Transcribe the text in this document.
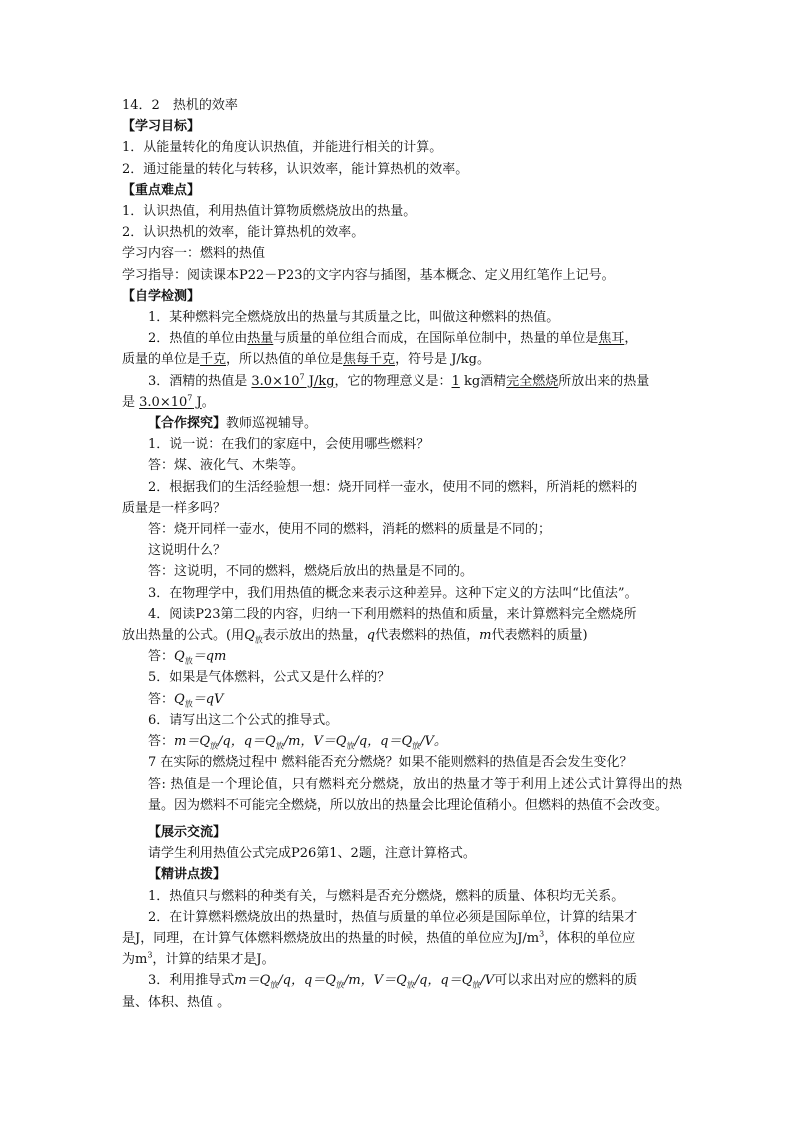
14．2　热机的效率
【学习目标】
1．从能量转化的角度认识热值，并能进行相关的计算。
2．通过能量的转化与转移，认识效率，能计算热机的效率。
【重点难点】
1．认识热值，利用热值计算物质燃烧放出的热量。
2．认识热机的效率，能计算热机的效率。
学习内容一：燃料的热值
学习指导：阅读课本P22－P23的文字内容与插图，基本概念、定义用红笔作上记号。
【自学检测】
1．某种燃料完全燃烧放出的热量与其质量之比，叫做这种燃料的热值。
2．热值的单位由热量与质量的单位组合而成，在国际单位制中，热量的单位是焦耳，
质量的单位是千克，所以热值的单位是焦每千克，符号是 J/kg。
3．酒精的热值是 $3.0\times 10^7$ J/kg，它的物理意义是：1 kg酒精完全燃烧所放出来的热量
是 $3.0\times 10^7$ J。
【合作探究】教师巡视辅导。
1．说一说：在我们的家庭中，会使用哪些燃料？
答：煤、液化气、木柴等。
2．根据我们的生活经验想一想：烧开同样一壶水，使用不同的燃料，所消耗的燃料的
质量是一样多吗？
答：烧开同样一壶水，使用不同的燃料，消耗的燃料的质量是不同的；
这说明什么？
答：这说明，不同的燃料，燃烧后放出的热量是不同的。
3．在物理学中，我们用热值的概念来表示这种差异。这种下定义的方法叫“比值法”。
4．阅读P23第二段的内容，归纳一下利用燃料的热值和质量，来计算燃料完全燃烧所
放出热量的公式。(用$Q_放$表示放出的热量，q代表燃料的热值，m代表燃料的质量)
答：$Q_放=qm$
5．如果是气体燃料，公式又是什么样的？
答：$Q_放=qV$
6．请写出这二个公式的推导式。
答：$m=Q_放/q$，$q=Q_放/m$，$V=Q_放/q$，$q=Q_放/V$。
7 在实际的燃烧过程中 燃料能否充分燃烧？如果不能则燃料的热值是否会发生变化？
答: 热值是一个理论值，只有燃料充分燃烧，放出的热量才等于利用上述公式计算得出的热量。因为燃料不可能完全燃烧，所以放出的热量会比理论值稍小。但燃料的热值不会改变。
【展示交流】
请学生利用热值公式完成P26第1、2题，注意计算格式。
【精讲点拨】
1．热值只与燃料的种类有关，与燃料是否充分燃烧，燃料的质量、体积均无关系。
2．在计算燃料燃烧放出的热量时，热值与质量的单位必须是国际单位，计算的结果才
是J，同理，在计算气体燃料燃烧放出的热量的时候，热值的单位应为$J/m^3$，体积的单位应
为$m^3$，计算的结果才是J。
3．利用推导式$m=Q_放/q$，$q=Q_放/m$，$V=Q_放/q$，$q=Q_放/V$可以求出对应的燃料的质
量、体积、热值 。
